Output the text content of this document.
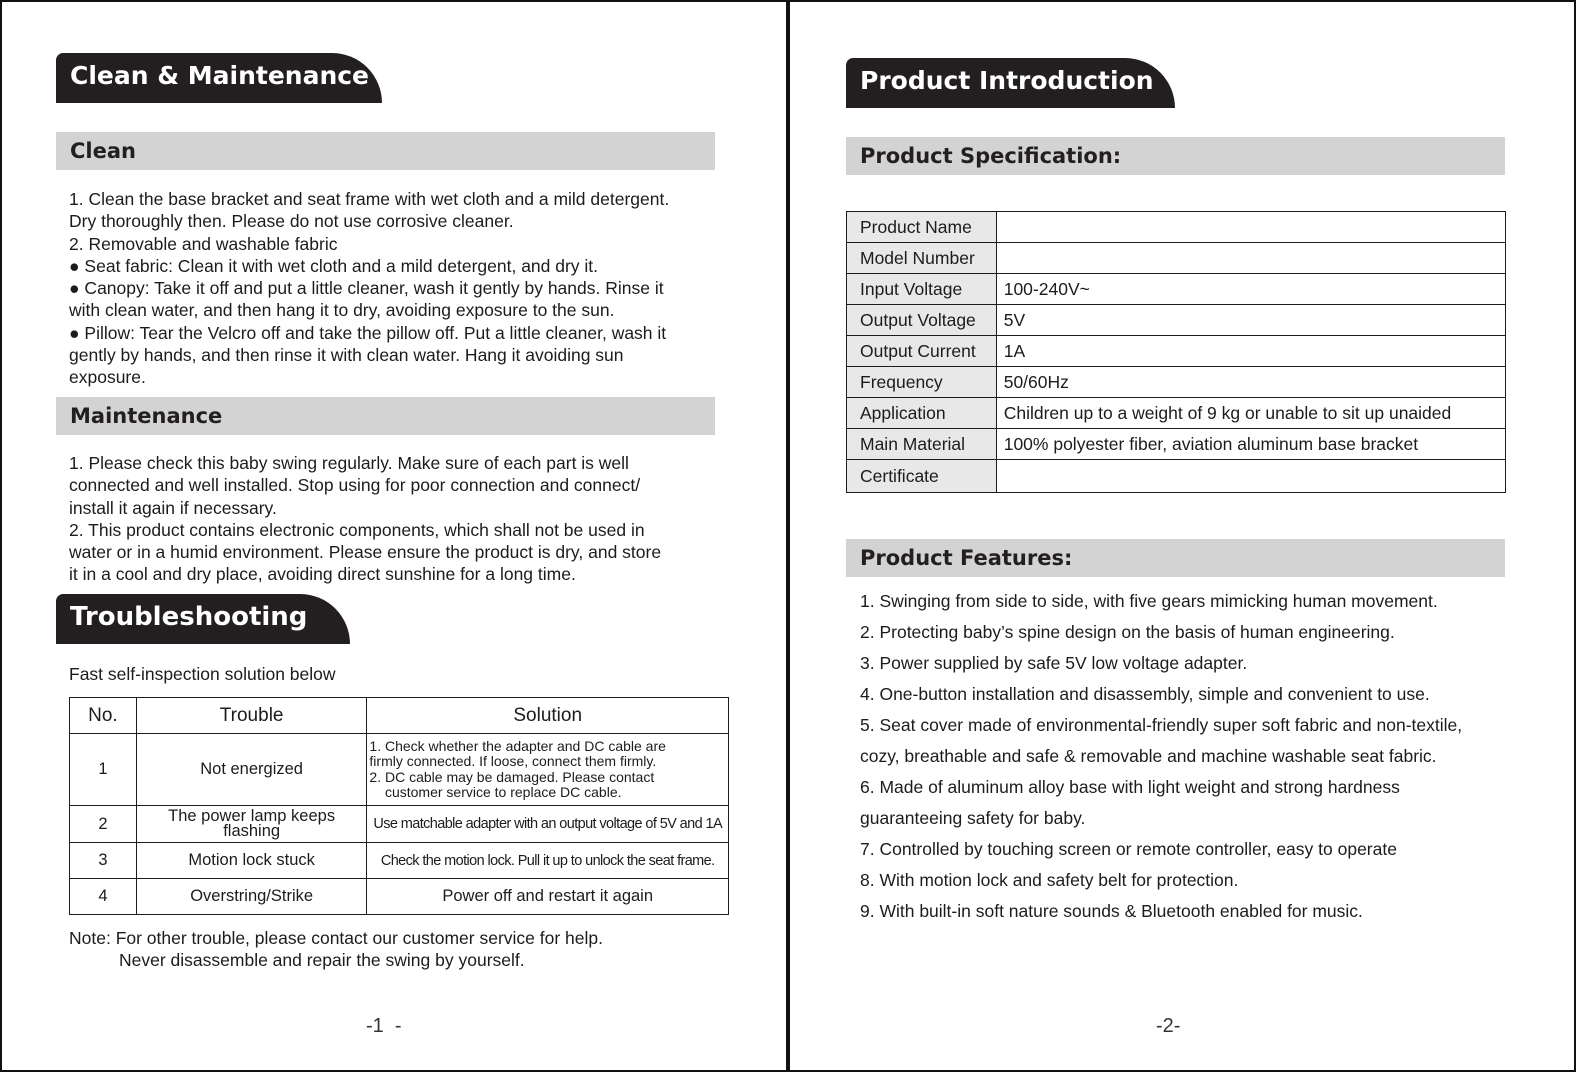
Clean & Maintenance
Clean

1. Clean the base bracket and seat frame with wet cloth and a mild detergent.

Dry thoroughly then. Please do not use corrosive cleaner.

2. Removable and washable fabric

● Seat fabric: Clean it with wet cloth and a mild detergent, and dry it.

● Canopy: Take it off and put a little cleaner, wash it gently by hands. Rinse it

with clean water, and then hang it to dry, avoiding exposure to the sun.

● Pillow: Tear the Velcro off and take the pillow off. Put a little cleaner, wash it

gently by hands, and then rinse it with clean water. Hang it avoiding sun

exposure.

Maintenance

1. Please check this baby swing regularly. Make sure of each part is well

connected and well installed. Stop using for poor connection and connect/

install it again if necessary.

2. This product contains electronic components, which shall not be used in

water or in a humid environment. Please ensure the product is dry, and store

it in a cool and dry place, avoiding direct sunshine for a long time.

Troubleshooting
Fast self-inspection solution below
No.	Trouble	Solution
1	Not energized	1. Check whether the adapter and DC cable are
firmly connected. If loose, connect them firmly.
2. DC cable may be damaged. Please contact
customer service to replace DC cable.

2	The power lamp keeps
flashing	Use matchable adapter with an output voltage of 5V and 1A
3	Motion lock stuck	Check the motion lock. Pull it up to unlock the seat frame.
4	Overstring/Strike	Power off and restart it again

Note: For other trouble, please contact our customer service for help.

Never disassemble and repair the swing by yourself.

-1  -
Product Introduction
Product Specification:
Product Name	
Model Number	
Input Voltage	100-240V~
Output Voltage	5V
Output Current	1A
Frequency	50/60Hz
Application	Children up to a weight of 9 kg or unable to sit up unaided
Main Material	100% polyester fiber, aviation aluminum base bracket
Certificate	
Product Features:

1. Swinging from side to side, with five gears mimicking human movement.

2. Protecting baby’s spine design on the basis of human engineering.

3. Power supplied by safe 5V low voltage adapter.

4. One-button installation and disassembly, simple and convenient to use.

5. Seat cover made of environmental-friendly super soft fabric and non-textile,

cozy, breathable and safe & removable and machine washable seat fabric.

6. Made of aluminum alloy base with light weight and strong hardness

guaranteeing safety for baby.

7. Controlled by touching screen or remote controller, easy to operate

8. With motion lock and safety belt for protection.

9. With built-in soft nature sounds & Bluetooth enabled for music.

-2-
